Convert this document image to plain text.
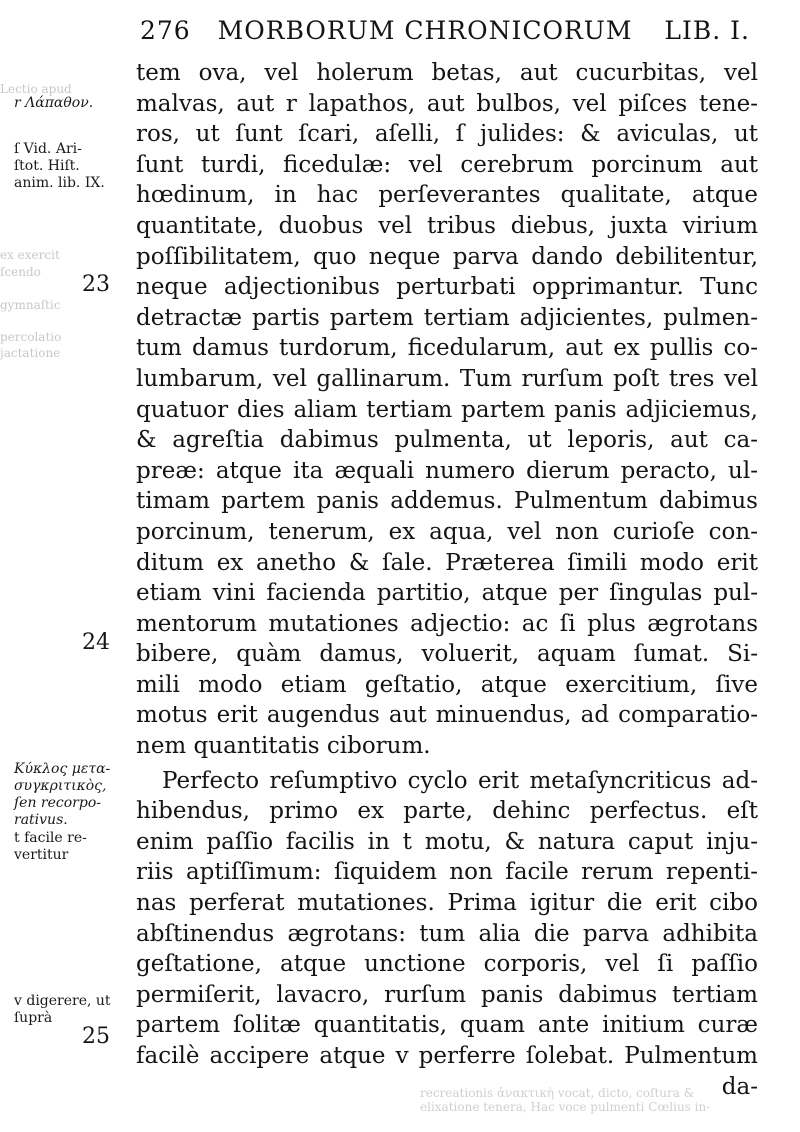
276 MORBORUM CHRONICORUM LIB. I.
Lectio apud
ex exercit
ſcendo
gymnaſtic
percolatio
jactatione
r Λάπαθον.

ſ Vid. Ari-
ſtot. Hiſt.
anim. lib. IX.

Κύκλος μετα-
συγκριτικὸς,
ſen recorpo-
rativus.

t facile re-
vertitur

v digerere, ut
ſuprà

23
24
25
tem ova, vel holerum betas, aut cucurbitas, vel
malvas, aut r lapathos, aut bulbos, vel piſces tene-
ros, ut ſunt ſcari, aſelli, ſ julides: & aviculas, ut
ſunt turdi, ficedulæ: vel cerebrum porcinum aut
hœdinum, in hac perſeverantes qualitate, atque
quantitate, duobus vel tribus diebus, juxta virium
poſſibilitatem, quo neque parva dando debilitentur,
neque adjectionibus perturbati opprimantur. Tunc
detractæ partis partem tertiam adjicientes, pulmen-
tum damus turdorum, ficedularum, aut ex pullis co-
lumbarum, vel gallinarum. Tum rurſum poſt tres vel
quatuor dies aliam tertiam partem panis adjiciemus,
& agreſtia dabimus pulmenta, ut leporis, aut ca-
preæ: atque ita æquali numero dierum peracto, ul-
timam partem panis addemus. Pulmentum dabimus
porcinum, tenerum, ex aqua, vel non curioſe con-
ditum ex anetho & ſale. Præterea ſimili modo erit
etiam vini facienda partitio, atque per ſingulas pul-
mentorum mutationes adjectio: ac ſi plus ægrotans
bibere, quàm damus, voluerit, aquam ſumat. Si-
mili modo etiam geſtatio, atque exercitium, ſive
motus erit augendus aut minuendus, ad comparatio-
nem quantitatis ciborum.
Perfecto reſumptivo cyclo erit metaſyncriticus ad-
hibendus, primo ex parte, dehinc perfectus. eſt
enim paſſio facilis in t motu, & natura caput inju-
riis aptiſſimum: ſiquidem non facile rerum repenti-
nas perferat mutationes. Prima igitur die erit cibo
abſtinendus ægrotans: tum alia die parva adhibita
geſtatione, atque unctione corporis, vel ſi paſſio
permiſerit, lavacro, rurſum panis dabimus tertiam
partem ſolitæ quantitatis, quam ante initium curæ
facilè accipere atque v perferre ſolebat. Pulmentum
da-
recreationis ἀνακτικὴ vocat, dicto, coſtura & elixatione tenera, Hac voce pulmenti Cœlius in-
